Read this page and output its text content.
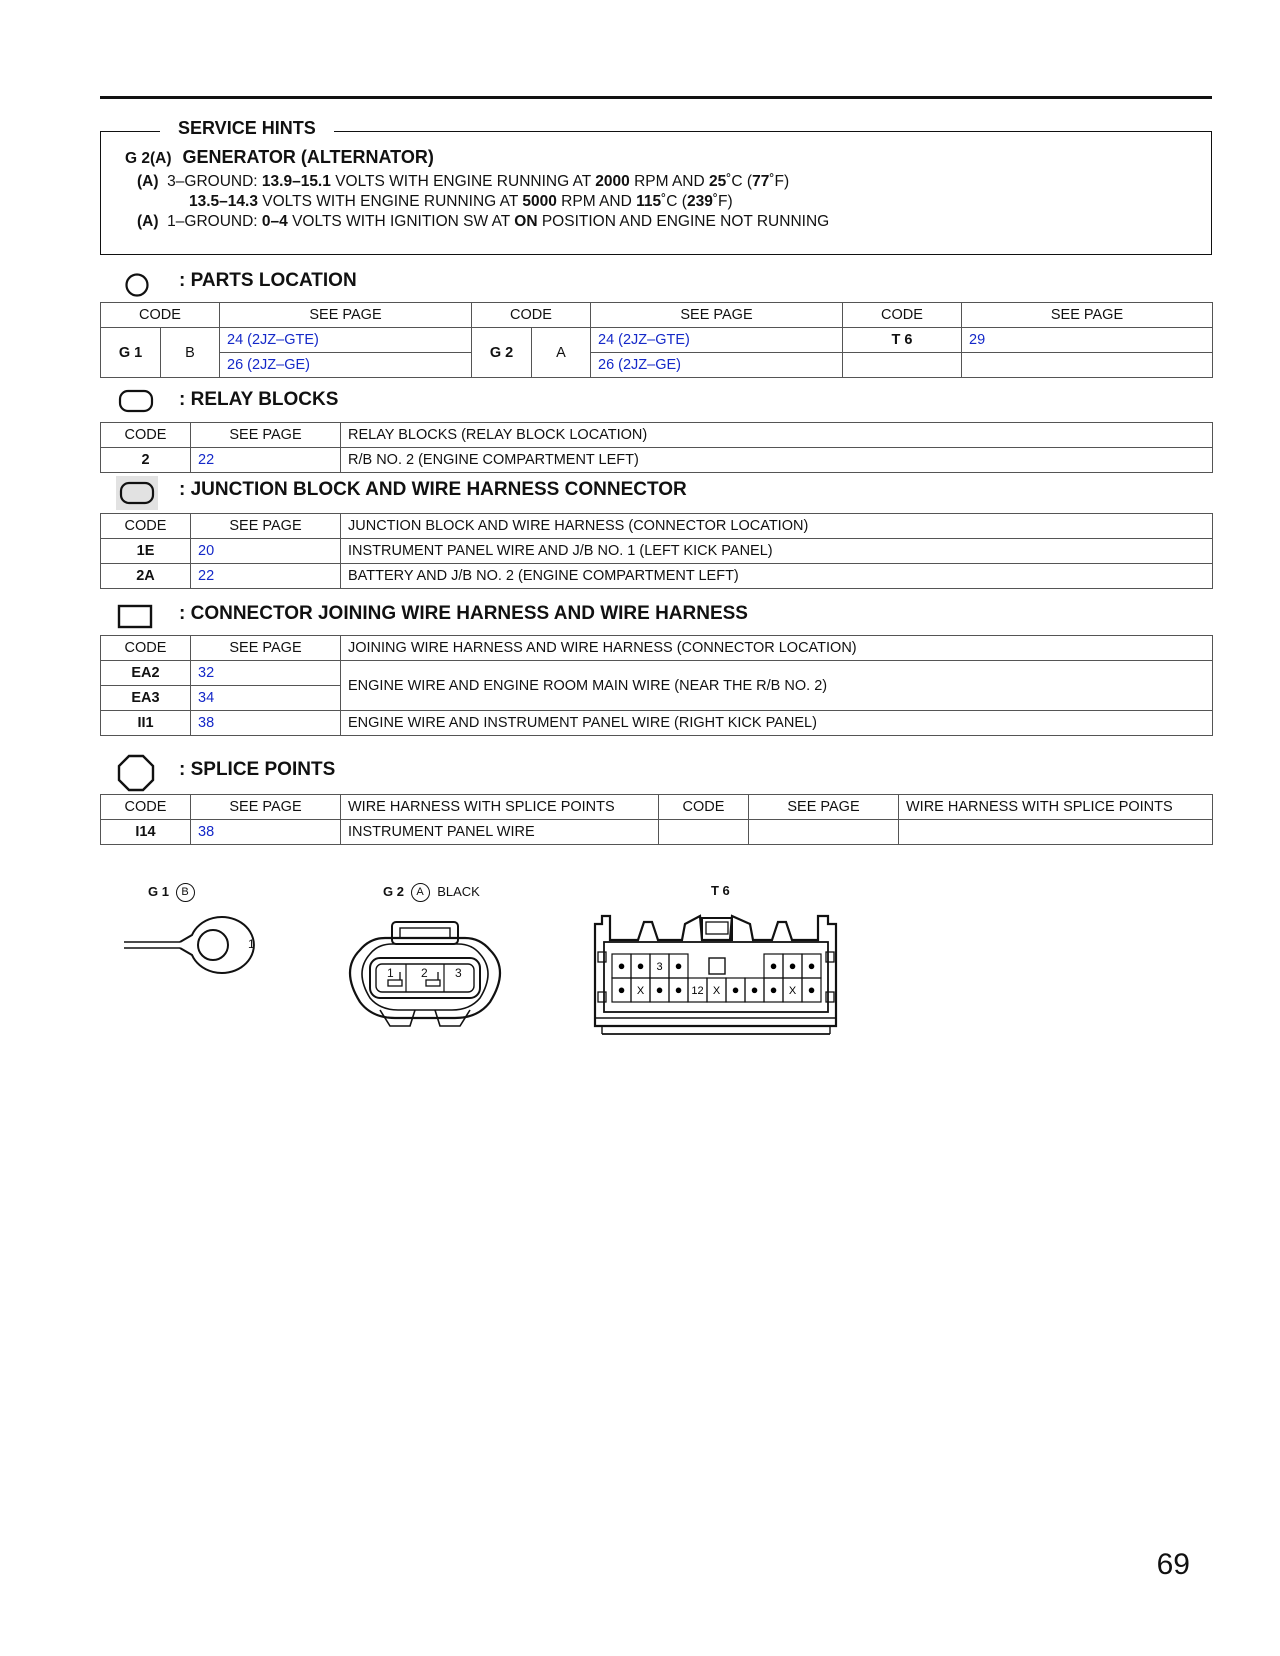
SERVICE HINTS
G 2(A) GENERATOR (ALTERNATOR)
(A) 3–GROUND: 13.9–15.1 VOLTS WITH ENGINE RUNNING AT 2000 RPM AND 25˚C (77˚F)
13.5–14.3 VOLTS WITH ENGINE RUNNING AT 5000 RPM AND 115˚C (239˚F)
(A) 1–GROUND: 0–4 VOLTS WITH IGNITION SW AT ON POSITION AND ENGINE NOT RUNNING
: PARTS LOCATION
CODE		SEE PAGE	CODE		SEE PAGE	CODE	SEE PAGE
G 1	B	24 (2JZ–GTE)	G 2	A	24 (2JZ–GTE)	T 6	29
		26 (2JZ–GE)			26 (2JZ–GE)		
: RELAY BLOCKS
CODE	SEE PAGE	RELAY BLOCKS (RELAY BLOCK LOCATION)
2	22	R/B NO. 2 (ENGINE COMPARTMENT LEFT)
: JUNCTION BLOCK AND WIRE HARNESS CONNECTOR
CODE	SEE PAGE	JUNCTION BLOCK AND WIRE HARNESS (CONNECTOR LOCATION)
1E	20	INSTRUMENT PANEL WIRE AND J/B NO. 1 (LEFT KICK PANEL)
2A	22	BATTERY AND J/B NO. 2 (ENGINE COMPARTMENT LEFT)
: CONNECTOR JOINING WIRE HARNESS AND WIRE HARNESS
CODE	SEE PAGE	JOINING WIRE HARNESS AND WIRE HARNESS (CONNECTOR LOCATION)
EA2	32	ENGINE WIRE AND ENGINE ROOM MAIN WIRE (NEAR THE R/B NO. 2)
EA3	34	
II1	38	ENGINE WIRE AND INSTRUMENT PANEL WIRE (RIGHT KICK PANEL)
: SPLICE POINTS
CODE	SEE PAGE	WIRE HARNESS WITH SPLICE POINTS	CODE	SEE PAGE	WIRE HARNESS WITH SPLICE POINTS
I14	38	INSTRUMENT PANEL WIRE			
G 1 B
1
G 2 A BLACK
1 2 3
T 6
● ● 3 ●	● ● ●
● X ● ● 12 X ● ● ● X ●
69
